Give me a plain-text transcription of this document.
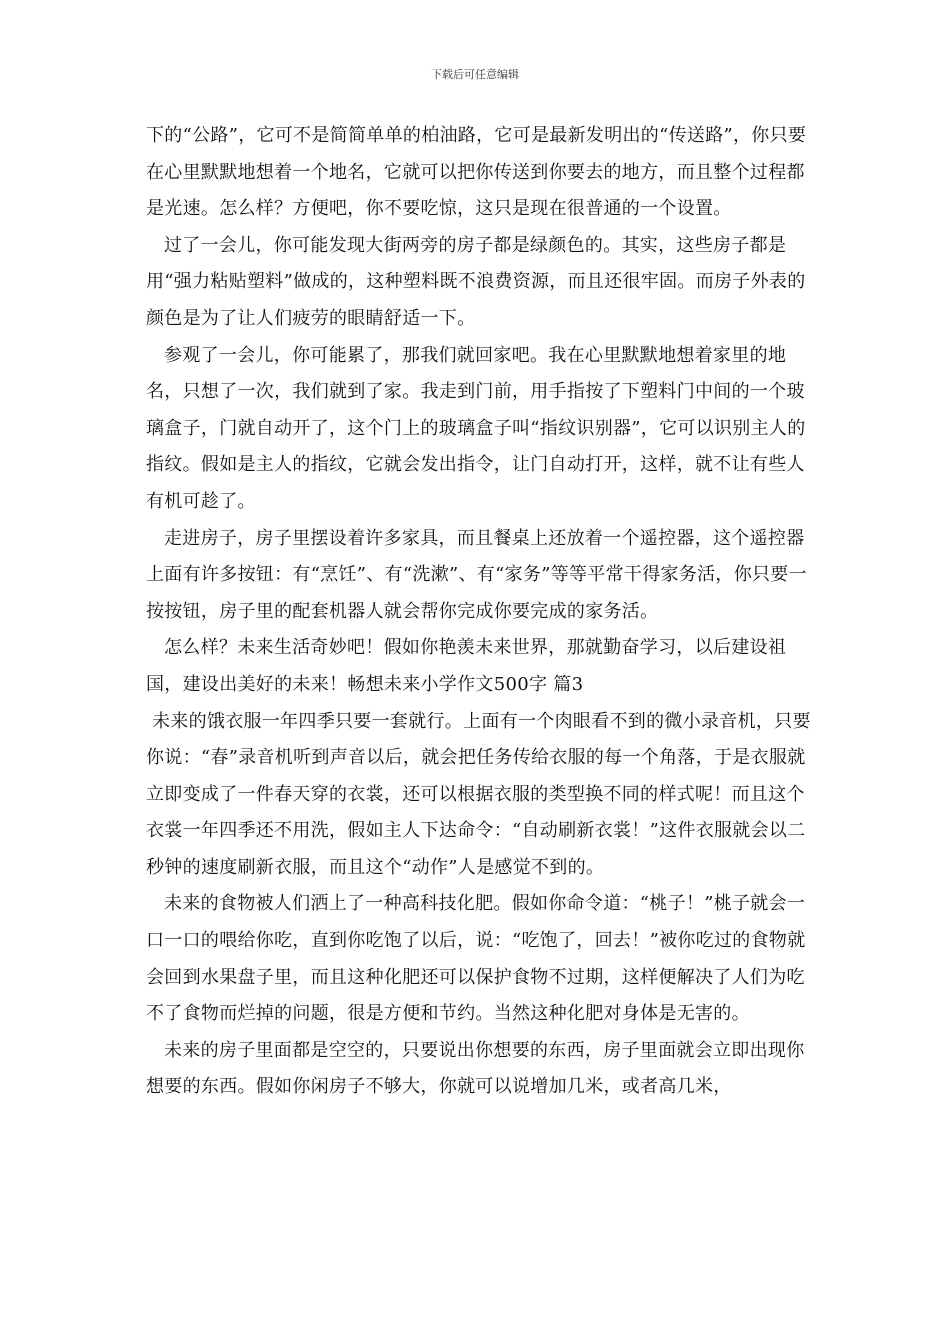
下载后可任意编辑

下的“公路”，它可不是简简单单的柏油路，它可是最新发明出的“传送路”，你只要在心里默默地想着一个地名，它就可以把你传送到你要去的地方，而且整个过程都是光速。怎么样？方便吧，你不要吃惊，这只是现在很普通的一个设置。

过了一会儿，你可能发现大街两旁的房子都是绿颜色的。其实，这些房子都是用“强力粘贴塑料”做成的，这种塑料既不浪费资源，而且还很牢固。而房子外表的颜色是为了让人们疲劳的眼睛舒适一下。

参观了一会儿，你可能累了，那我们就回家吧。我在心里默默地想着家里的地名，只想了一次，我们就到了家。我走到门前，用手指按了下塑料门中间的一个玻璃盒子，门就自动开了，这个门上的玻璃盒子叫“指纹识别器”，它可以识别主人的指纹。假如是主人的指纹，它就会发出指令，让门自动打开，这样，就不让有些人有机可趁了。

走进房子，房子里摆设着许多家具，而且餐桌上还放着一个遥控器，这个遥控器上面有许多按钮：有“烹饪”、有“洗漱”、有“家务”等等平常干得家务活，你只要一按按钮，房子里的配套机器人就会帮你完成你要完成的家务活。

怎么样？未来生活奇妙吧！假如你艳羡未来世界，那就勤奋学习，以后建设祖国，建设出美好的未来！畅想未来小学作文500字 篇3

未来的饿衣服一年四季只要一套就行。上面有一个肉眼看不到的微小录音机，只要你说：“春”录音机听到声音以后，就会把任务传给衣服的每一个角落，于是衣服就立即变成了一件春天穿的衣裳，还可以根据衣服的类型换不同的样式呢！而且这个衣裳一年四季还不用洗，假如主人下达命令：“自动刷新衣裳！”这件衣服就会以二秒钟的速度刷新衣服，而且这个“动作”人是感觉不到的。

未来的食物被人们洒上了一种高科技化肥。假如你命令道：“桃子！”桃子就会一口一口的喂给你吃，直到你吃饱了以后，说：“吃饱了，回去！”被你吃过的食物就会回到水果盘子里，而且这种化肥还可以保护食物不过期，这样便解决了人们为吃不了食物而烂掉的问题，很是方便和节约。当然这种化肥对身体是无害的。

未来的房子里面都是空空的，只要说出你想要的东西，房子里面就会立即出现你想要的东西。假如你闲房子不够大，你就可以说增加几米，或者高几米，
